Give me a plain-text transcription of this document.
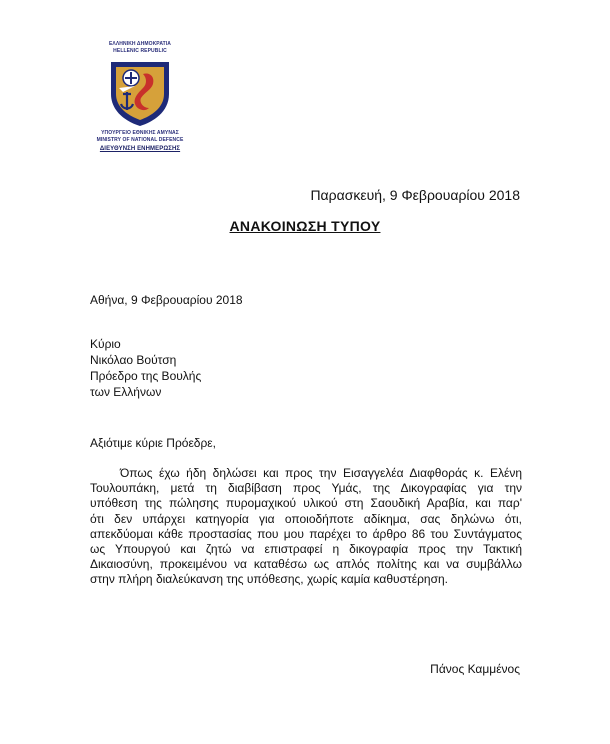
ΕΛΛΗΝΙΚΗ ΔΗΜΟΚΡΑΤΙΑ
HELLENIC REPUBLIC
ΥΠΟΥΡΓΕΙΟ ΕΘΝΙΚΗΣ ΑΜΥΝΑΣ
MINISTRY OF NATIONAL DEFENCE
ΔΙΕΥΘΥΝΣΗ ΕΝΗΜΕΡΩΣΗΣ
Παρασκευή, 9 Φεβρουαρίου 2018
ΑΝΑΚΟΙΝΩΣΗ ΤΥΠΟΥ
Αθήνα, 9 Φεβρουαρίου 2018
Κύριο
Νικόλαο Βούτση
Πρόεδρο της Βουλής
των Ελλήνων
Αξιότιμε κύριε Πρόεδρε,
Όπως έχω ήδη δηλώσει και προς την Εισαγγελέα Διαφθοράς κ. Ελένη
Τουλουπάκη, μετά τη διαβίβαση προς Υμάς, της Δικογραφίας για την
υπόθεση της πώλησης πυρομαχικού υλικού στη Σαουδική Αραβία, και παρ'
ότι δεν υπάρχει κατηγορία για οποιοδήποτε αδίκημα, σας δηλώνω ότι,
απεκδύομαι κάθε προστασίας που μου παρέχει το άρθρο 86 του Συντάγματος
ως Υπουργού και ζητώ να επιστραφεί η δικογραφία προς την Τακτική
Δικαιοσύνη, προκειμένου να καταθέσω ως απλός πολίτης και να συμβάλλω
στην πλήρη διαλεύκανση της υπόθεσης, χωρίς καμία καθυστέρηση.
Πάνος Καμμένος
